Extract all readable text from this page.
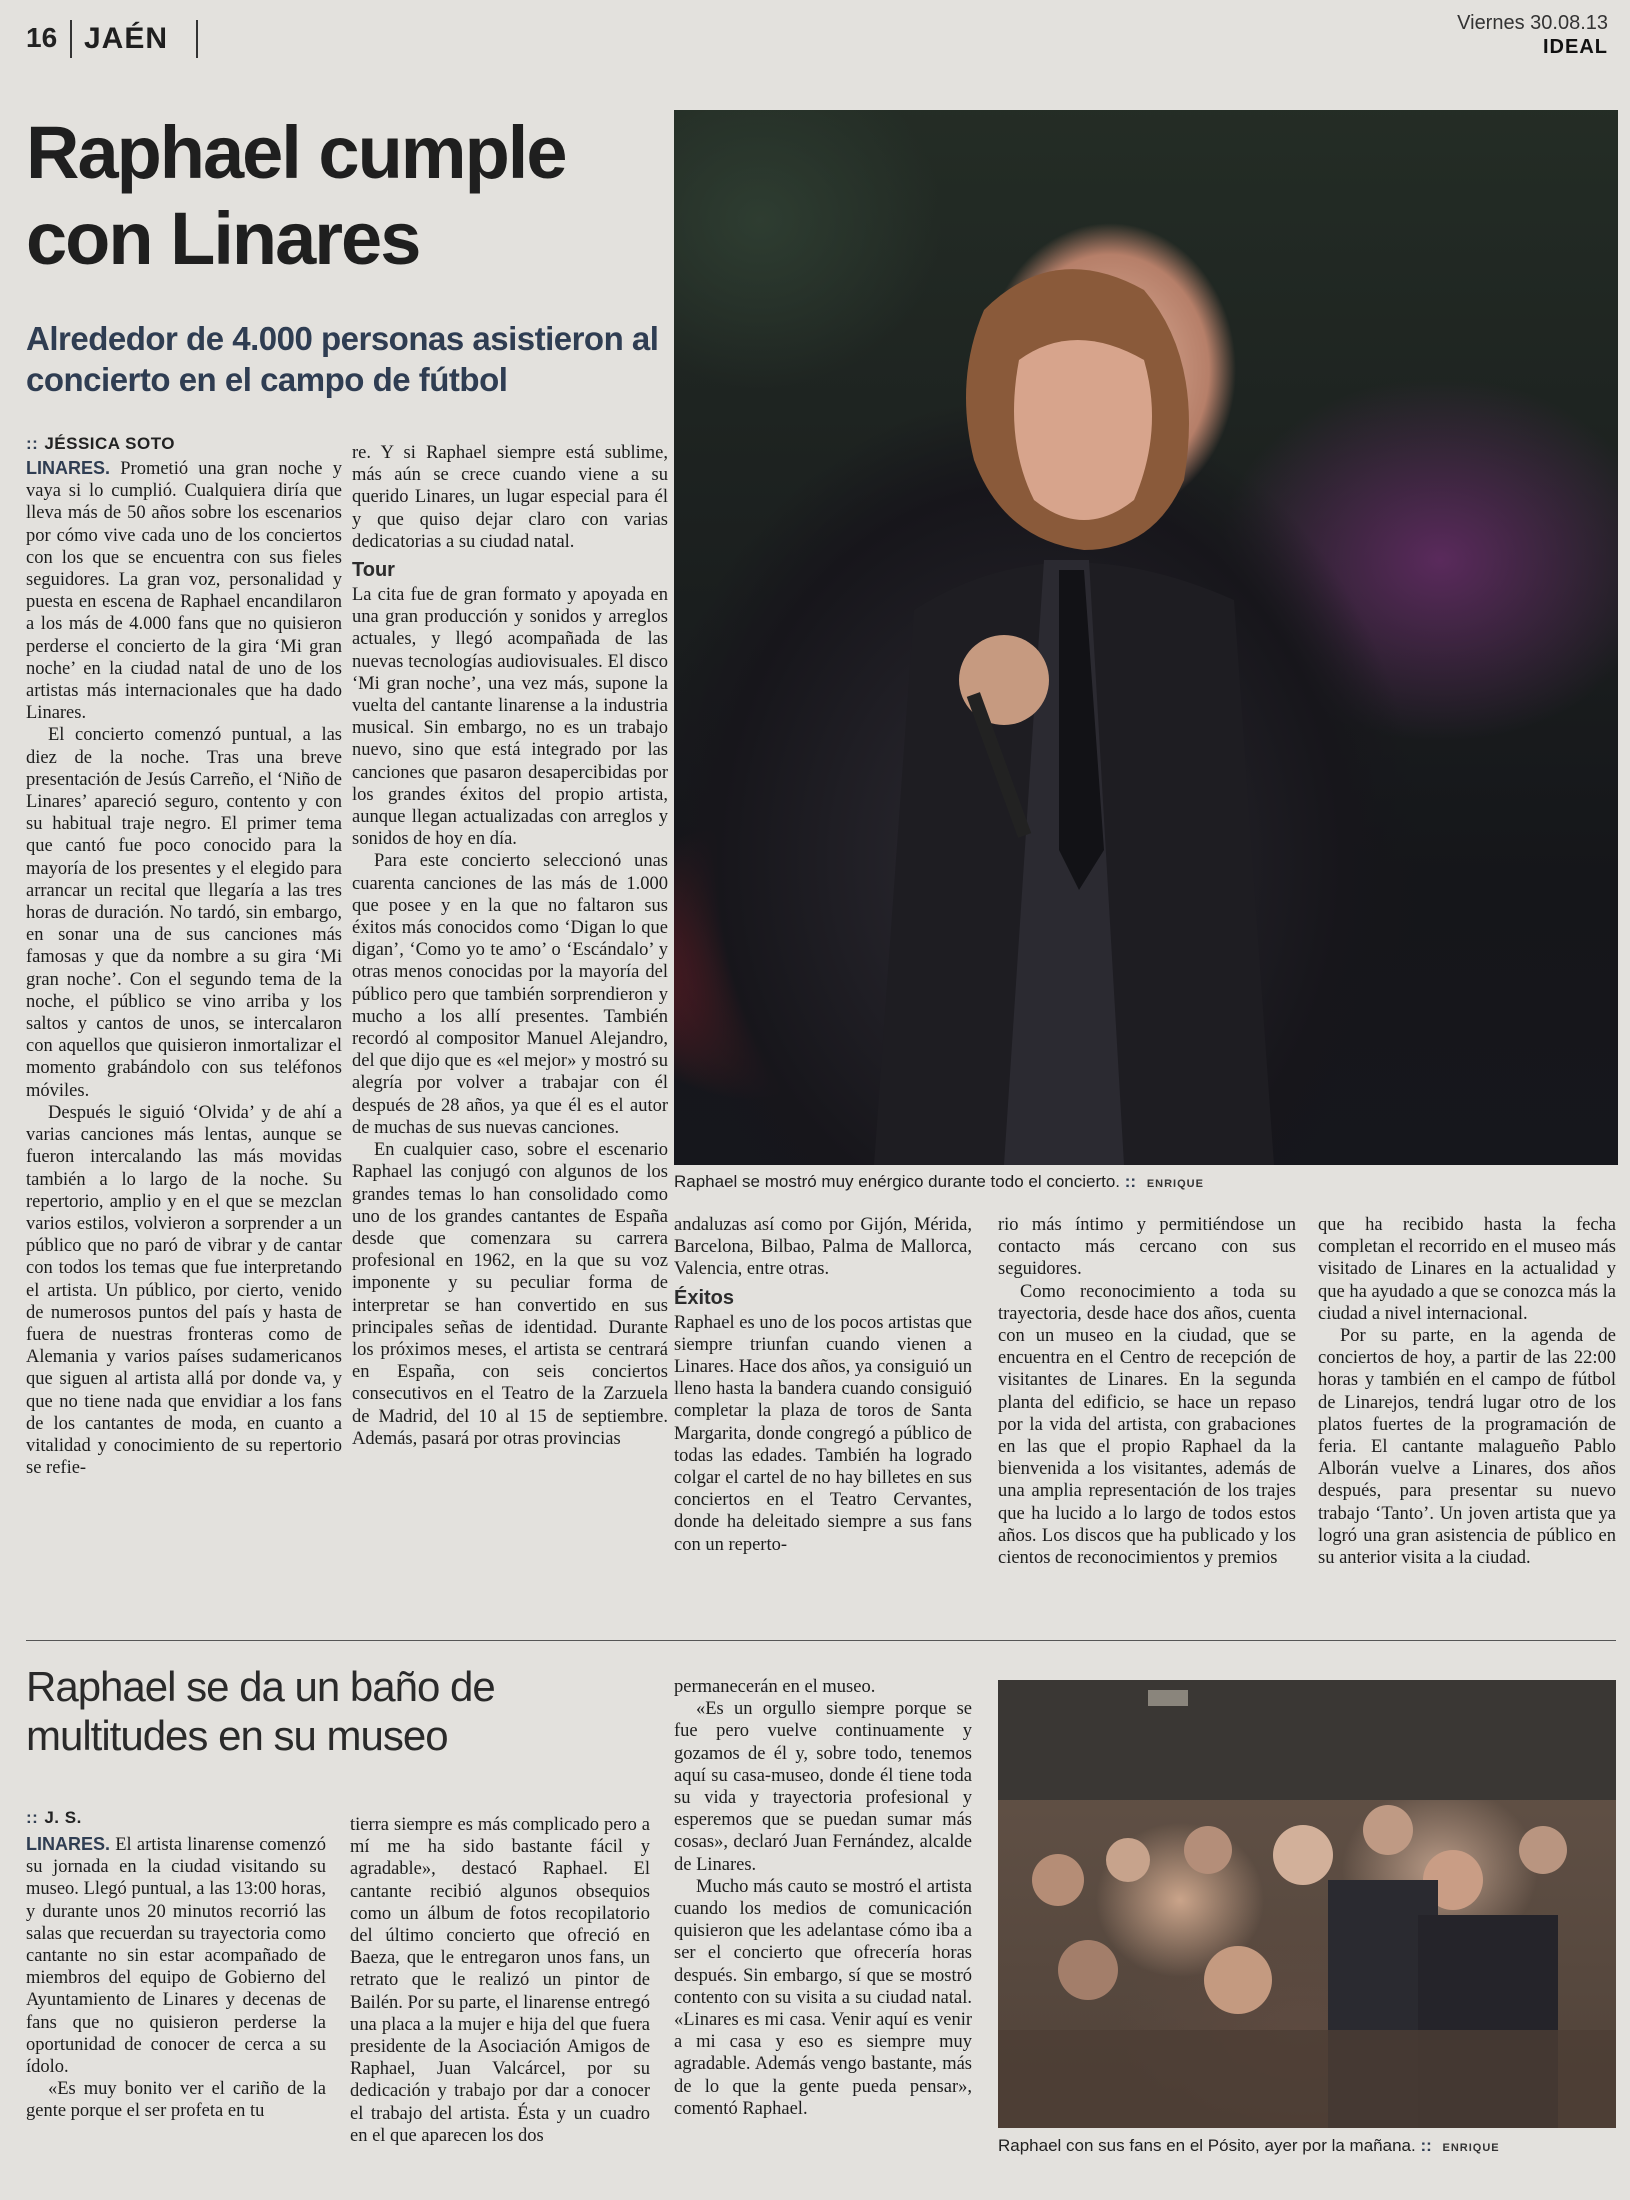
16 JAÉN	Viernes 30.08.13
IDEAL
Raphael cumple con Linares
Alrededor de 4.000 personas asistieron al concierto en el campo de fútbol
Raphael se mostró muy enérgico durante todo el concierto. :: ENRIQUE
:: JÉSSICA SOTO

LINARES. Prometió una gran noche y vaya si lo cumplió. Cualquiera diría que lleva más de 50 años sobre los escenarios por cómo vive cada uno de los conciertos con los que se encuentra con sus fieles seguidores. La gran voz, personalidad y puesta en escena de Raphael encandilaron a los más de 4.000 fans que no quisieron perderse el concierto de la gira ‘Mi gran noche’ en la ciudad natal de uno de los artistas más internacionales que ha dado Linares.

El concierto comenzó puntual, a las diez de la noche. Tras una breve presentación de Jesús Carreño, el ‘Niño de Linares’ apareció seguro, contento y con su habitual traje negro. El primer tema que cantó fue poco conocido para la mayoría de los presentes y el elegido para arrancar un recital que llegaría a las tres horas de duración. No tardó, sin embargo, en sonar una de sus canciones más famosas y que da nombre a su gira ‘Mi gran noche’. Con el segundo tema de la noche, el público se vino arriba y los saltos y cantos de unos, se intercalaron con aquellos que quisieron inmortalizar el momento grabándolo con sus teléfonos móviles.

Después le siguió ‘Olvida’ y de ahí a varias canciones más lentas, aunque se fueron intercalando las más movidas también a lo largo de la noche. Su repertorio, amplio y en el que se mezclan varios estilos, volvieron a sorprender a un público que no paró de vibrar y de cantar con todos los temas que fue interpretando el artista. Un público, por cierto, venido de numerosos puntos del país y hasta de fuera de nuestras fronteras como de Alemania y varios países sudamericanos que siguen al artista allá por donde va, y que no tiene nada que envidiar a los fans de los cantantes de moda, en cuanto a vitalidad y conocimiento de su repertorio se refie-

re. Y si Raphael siempre está sublime, más aún se crece cuando viene a su querido Linares, un lugar especial para él y que quiso dejar claro con varias dedicatorias a su ciudad natal.

Tour

La cita fue de gran formato y apoyada en una gran producción y sonidos y arreglos actuales, y llegó acompañada de las nuevas tecnologías audiovisuales. El disco ‘Mi gran noche’, una vez más, supone la vuelta del cantante linarense a la industria musical. Sin embargo, no es un trabajo nuevo, sino que está integrado por las canciones que pasaron desapercibidas por los grandes éxitos del propio artista, aunque llegan actualizadas con arreglos y sonidos de hoy en día.

Para este concierto seleccionó unas cuarenta canciones de las más de 1.000 que posee y en la que no faltaron sus éxitos más conocidos como ‘Digan lo que digan’, ‘Como yo te amo’ o ‘Escándalo’ y otras menos conocidas por la mayoría del público pero que también sorprendieron y mucho a los allí presentes. También recordó al compositor Manuel Alejandro, del que dijo que es «el mejor» y mostró su alegría por volver a trabajar con él después de 28 años, ya que él es el autor de muchas de sus nuevas canciones.

En cualquier caso, sobre el escenario Raphael las conjugó con algunos de los grandes temas lo han consolidado como uno de los grandes cantantes de España desde que comenzara su carrera profesional en 1962, en la que su voz imponente y su peculiar forma de interpretar se han convertido en sus principales señas de identidad. Durante los próximos meses, el artista se centrará en España, con seis conciertos consecutivos en el Teatro de la Zarzuela de Madrid, del 10 al 15 de septiembre. Además, pasará por otras provincias

andaluzas así como por Gijón, Mérida, Barcelona, Bilbao, Palma de Mallorca, Valencia, entre otras.

Éxitos

Raphael es uno de los pocos artistas que siempre triunfan cuando vienen a Linares. Hace dos años, ya consiguió un lleno hasta la bandera cuando consiguió completar la plaza de toros de Santa Margarita, donde congregó a público de todas las edades. También ha logrado colgar el cartel de no hay billetes en sus conciertos en el Teatro Cervantes, donde ha deleitado siempre a sus fans con un reperto-

rio más íntimo y permitiéndose un contacto más cercano con sus seguidores.

Como reconocimiento a toda su trayectoria, desde hace dos años, cuenta con un museo en la ciudad, que se encuentra en el Centro de recepción de visitantes de Linares. En la segunda planta del edificio, se hace un repaso por la vida del artista, con grabaciones en las que el propio Raphael da la bienvenida a los visitantes, además de una amplia representación de los trajes que ha lucido a lo largo de todos estos años. Los discos que ha publicado y los cientos de reconocimientos y premios

que ha recibido hasta la fecha completan el recorrido en el museo más visitado de Linares en la actualidad y que ha ayudado a que se conozca más la ciudad a nivel internacional.

Por su parte, en la agenda de conciertos de hoy, a partir de las 22:00 horas y también en el campo de fútbol de Linarejos, tendrá lugar otro de los platos fuertes de la programación de feria. El cantante malagueño Pablo Alborán vuelve a Linares, dos años después, para presentar su nuevo trabajo ‘Tanto’. Un joven artista que ya logró una gran asistencia de público en su anterior visita a la ciudad.

Raphael se da un baño de multitudes en su museo
:: J. S.

LINARES. El artista linarense comenzó su jornada en la ciudad visitando su museo. Llegó puntual, a las 13:00 horas, y durante unos 20 minutos recorrió las salas que recuerdan su trayectoria como cantante no sin estar acompañado de miembros del equipo de Gobierno del Ayuntamiento de Linares y decenas de fans que no quisieron perderse la oportunidad de conocer de cerca a su ídolo.

«Es muy bonito ver el cariño de la gente porque el ser profeta en tu

tierra siempre es más complicado pero a mí me ha sido bastante fácil y agradable», destacó Raphael. El cantante recibió algunos obsequios como un álbum de fotos recopilatorio del último concierto que ofreció en Baeza, que le entregaron unos fans, un retrato que le realizó un pintor de Bailén. Por su parte, el linarense entregó una placa a la mujer e hija del que fuera presidente de la Asociación Amigos de Raphael, Juan Valcárcel, por su dedicación y trabajo por dar a conocer el trabajo del artista. Ésta y un cuadro en el que aparecen los dos

permanecerán en el museo.

«Es un orgullo siempre porque se fue pero vuelve continuamente y gozamos de él y, sobre todo, tenemos aquí su casa-museo, donde él tiene toda su vida y trayectoria profesional y esperemos que se puedan sumar más cosas», declaró Juan Fernández, alcalde de Linares.

Mucho más cauto se mostró el artista cuando los medios de comunicación quisieron que les adelantase cómo iba a ser el concierto que ofrecería horas después. Sin embargo, sí que se mostró contento con su visita a su ciudad natal. «Linares es mi casa. Venir aquí es venir a mi casa y eso es siempre muy agradable. Además vengo bastante, más de lo que la gente pueda pensar», comentó Raphael.

Raphael con sus fans en el Pósito, ayer por la mañana. :: ENRIQUE
